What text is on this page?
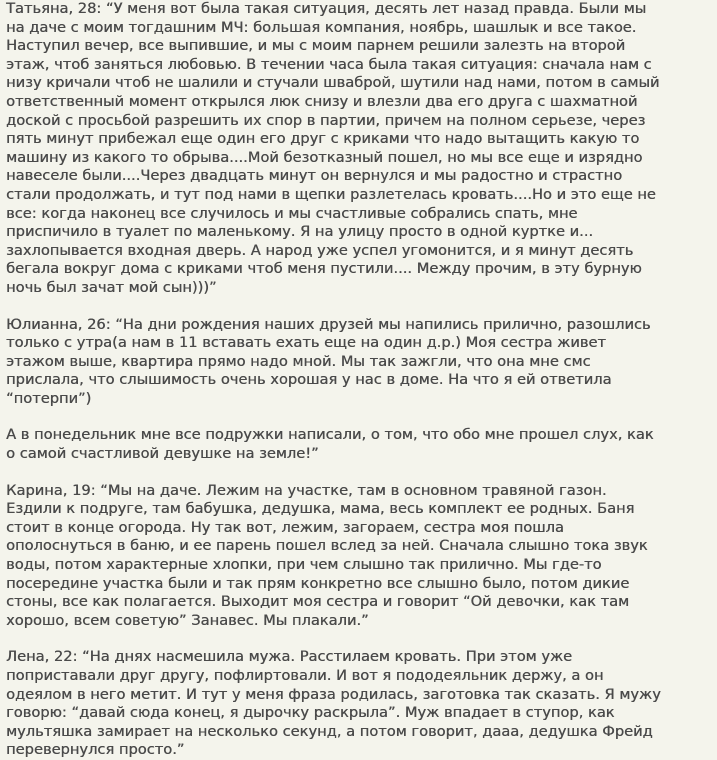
Татьяна, 28: “У меня вот была такая ситуация, десять лет назад правда. Были мы
на даче с моим тогдашним МЧ: большая компания, ноябрь, шашлык и все такое.
Наступил вечер, все выпившие, и мы с моим парнем решили залезть на второй
этаж, чтоб заняться любовью. В течении часа была такая ситуация: сначала нам с
низу кричали чтоб не шалили и стучали шваброй, шутили над нами, потом в самый
ответственный момент открылся люк снизу и влезли два его друга с шахматной
доской с просьбой разрешить их спор в партии, причем на полном серьезе, через
пять минут прибежал еще один его друг с криками что надо вытащить какую то
машину из какого то обрыва....Мой безотказный пошел, но мы все еще и изрядно
навеселе были....Через двадцать минут он вернулся и мы радостно и страстно
стали продолжать, и тут под нами в щепки разлетелась кровать....Но и это еще не
все: когда наконец все случилось и мы счастливые собрались спать, мне
приспичило в туалет по маленькому. Я на улицу просто в одной куртке и...
захлопывается входная дверь. А народ уже успел угомонится, и я минут десять
бегала вокруг дома с криками чтоб меня пустили.... Между прочим, в эту бурную
ночь был зачат мой сын)))”

Юлианна, 26: “На дни рождения наших друзей мы напились прилично, разошлись
только с утра(а нам в 11 вставать ехать еще на один д.р.) Моя сестра живет
этажом выше, квартира прямо надо мной. Мы так зажгли, что она мне смс
прислала, что слышимость очень хорошая у нас в доме. На что я ей ответила
“потерпи”)

А в понедельник мне все подружки написали, о том, что обо мне прошел слух, как
о самой счастливой девушке на земле!”

Карина, 19: “Мы на даче. Лежим на участке, там в основном травяной газон.
Ездили к подруге, там бабушка, дедушка, мама, весь комплект ее родных. Баня
стоит в конце огорода. Ну так вот, лежим, загораем, сестра моя пошла
ополоснуться в баню, и ее парень пошел вслед за ней. Сначала слышно тока звук
воды, потом характерные хлопки, при чем слышно так прилично. Мы где-то
посередине участка были и так прям конкретно все слышно было, потом дикие
стоны, все как полагается. Выходит моя сестра и говорит “Ой девочки, как там
хорошо, всем советую” Занавес. Мы плакали.”

Лена, 22: “На днях насмешила мужа. Расстилаем кровать. При этом уже
поприставали друг другу, пофлиртовали. И вот я пододеяльник держу, а он
одеялом в него метит. И тут у меня фраза родилась, заготовка так сказать. Я мужу
говорю: “давай сюда конец, я дырочку раскрыла”. Муж впадает в ступор, как
мультяшка замирает на несколько секунд, а потом говорит, дааа, дедушка Фрейд
перевернулся просто.”
